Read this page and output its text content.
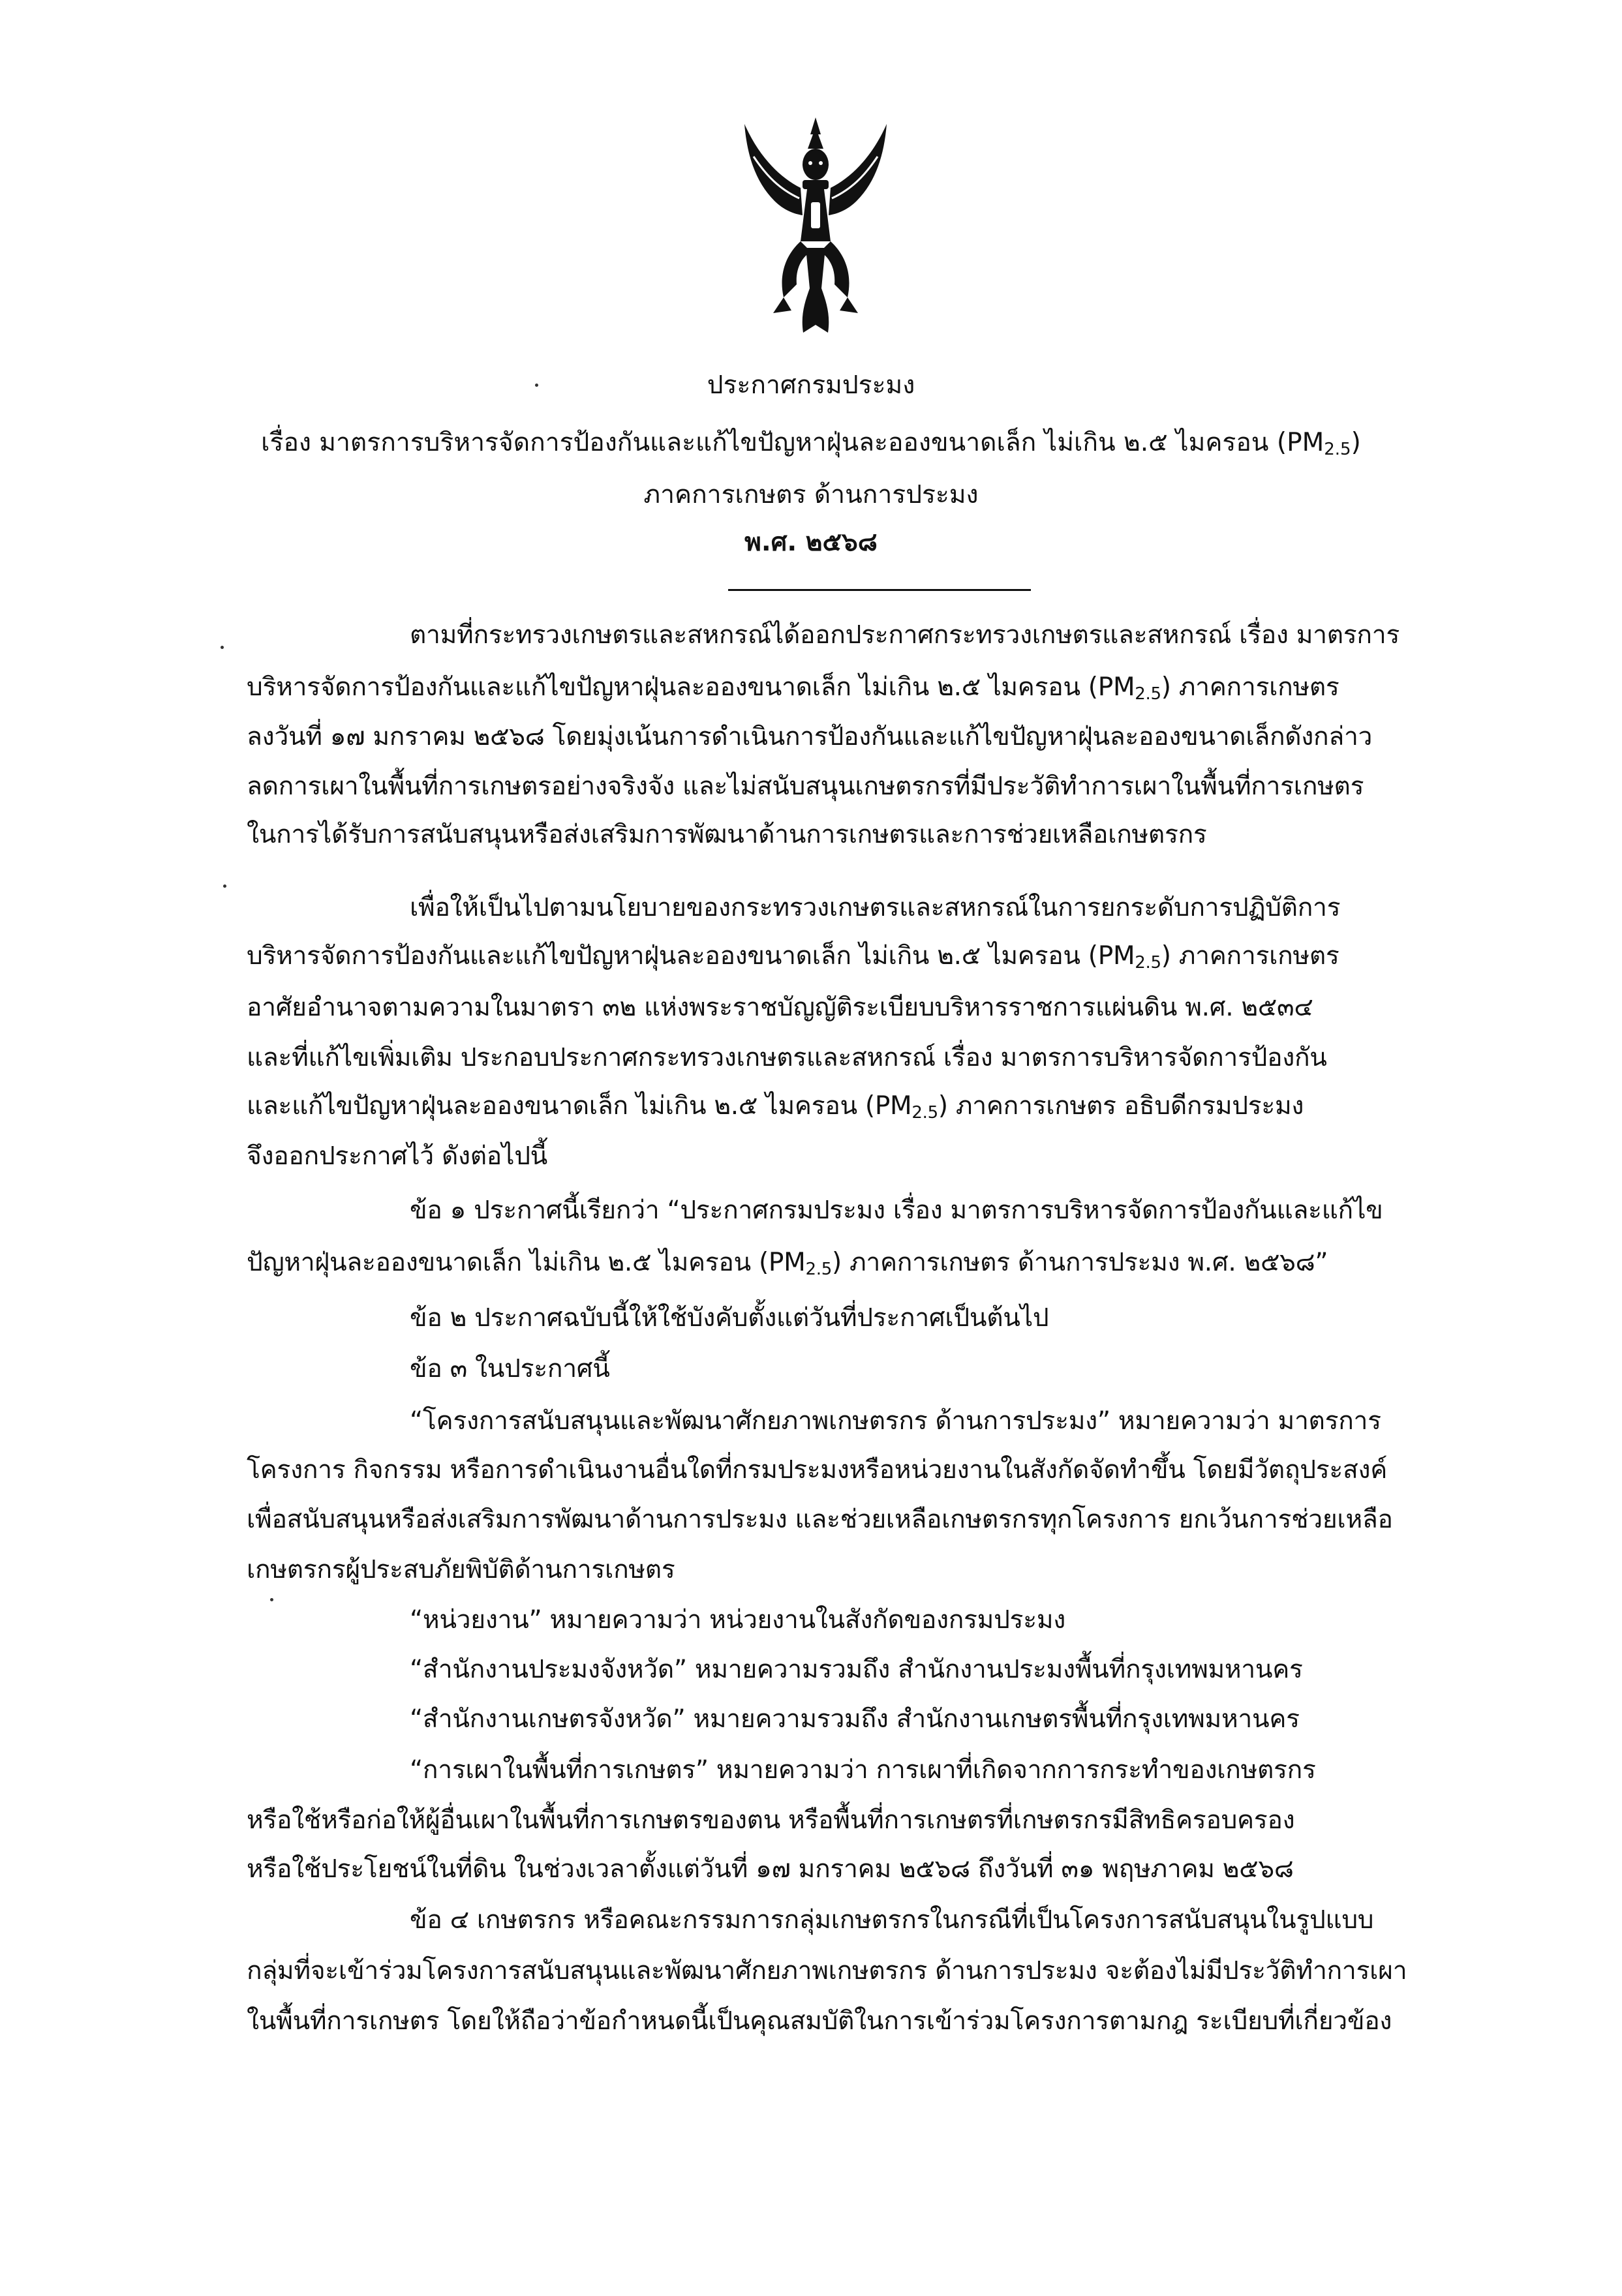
ประกาศกรมประมง
เรื่อง มาตรการบริหารจัดการป้องกันและแก้ไขปัญหาฝุ่นละอองขนาดเล็ก ไม่เกิน ๒.๕ ไมครอน $(PM_{2.5})$
ภาคการเกษตร ด้านการประมง
พ.ศ. ๒๕๖๘
ตามที่กระทรวงเกษตรและสหกรณ์ได้ออกประกาศกระทรวงเกษตรและสหกรณ์ เรื่อง มาตรการ
บริหารจัดการป้องกันและแก้ไขปัญหาฝุ่นละอองขนาดเล็ก ไม่เกิน ๒.๕ ไมครอน $(PM_{2.5})$ ภาคการเกษตร
ลงวันที่ ๑๗ มกราคม ๒๕๖๘ โดยมุ่งเน้นการดำเนินการป้องกันและแก้ไขปัญหาฝุ่นละอองขนาดเล็กดังกล่าว
ลดการเผาในพื้นที่การเกษตรอย่างจริงจัง และไม่สนับสนุนเกษตรกรที่มีประวัติทำการเผาในพื้นที่การเกษตร
ในการได้รับการสนับสนุนหรือส่งเสริมการพัฒนาด้านการเกษตรและการช่วยเหลือเกษตรกร
เพื่อให้เป็นไปตามนโยบายของกระทรวงเกษตรและสหกรณ์ในการยกระดับการปฏิบัติการ
บริหารจัดการป้องกันและแก้ไขปัญหาฝุ่นละอองขนาดเล็ก ไม่เกิน ๒.๕ ไมครอน $(PM_{2.5})$ ภาคการเกษตร
อาศัยอำนาจตามความในมาตรา ๓๒ แห่งพระราชบัญญัติระเบียบบริหารราชการแผ่นดิน พ.ศ. ๒๕๓๔
และที่แก้ไขเพิ่มเติม ประกอบประกาศกระทรวงเกษตรและสหกรณ์ เรื่อง มาตรการบริหารจัดการป้องกัน
และแก้ไขปัญหาฝุ่นละอองขนาดเล็ก ไม่เกิน ๒.๕ ไมครอน $(PM_{2.5})$ ภาคการเกษตร อธิบดีกรมประมง
จึงออกประกาศไว้ ดังต่อไปนี้
ข้อ ๑ ประกาศนี้เรียกว่า “ประกาศกรมประมง เรื่อง มาตรการบริหารจัดการป้องกันและแก้ไข
ปัญหาฝุ่นละอองขนาดเล็ก ไม่เกิน ๒.๕ ไมครอน $(PM_{2.5})$ ภาคการเกษตร ด้านการประมง พ.ศ. ๒๕๖๘”
ข้อ ๒ ประกาศฉบับนี้ให้ใช้บังคับตั้งแต่วันที่ประกาศเป็นต้นไป
ข้อ ๓ ในประกาศนี้
“โครงการสนับสนุนและพัฒนาศักยภาพเกษตรกร ด้านการประมง” หมายความว่า มาตรการ
โครงการ กิจกรรม หรือการดำเนินงานอื่นใดที่กรมประมงหรือหน่วยงานในสังกัดจัดทำขึ้น โดยมีวัตถุประสงค์
เพื่อสนับสนุนหรือส่งเสริมการพัฒนาด้านการประมง และช่วยเหลือเกษตรกรทุกโครงการ ยกเว้นการช่วยเหลือ
เกษตรกรผู้ประสบภัยพิบัติด้านการเกษตร
“หน่วยงาน” หมายความว่า หน่วยงานในสังกัดของกรมประมง
“สำนักงานประมงจังหวัด” หมายความรวมถึง สำนักงานประมงพื้นที่กรุงเทพมหานคร
“สำนักงานเกษตรจังหวัด” หมายความรวมถึง สำนักงานเกษตรพื้นที่กรุงเทพมหานคร
“การเผาในพื้นที่การเกษตร” หมายความว่า การเผาที่เกิดจากการกระทำของเกษตรกร
หรือใช้หรือก่อให้ผู้อื่นเผาในพื้นที่การเกษตรของตน หรือพื้นที่การเกษตรที่เกษตรกรมีสิทธิครอบครอง
หรือใช้ประโยชน์ในที่ดิน ในช่วงเวลาตั้งแต่วันที่ ๑๗ มกราคม ๒๕๖๘ ถึงวันที่ ๓๑ พฤษภาคม ๒๕๖๘
ข้อ ๔ เกษตรกร หรือคณะกรรมการกลุ่มเกษตรกรในกรณีที่เป็นโครงการสนับสนุนในรูปแบบ
กลุ่มที่จะเข้าร่วมโครงการสนับสนุนและพัฒนาศักยภาพเกษตรกร ด้านการประมง จะต้องไม่มีประวัติทำการเผา
ในพื้นที่การเกษตร โดยให้ถือว่าข้อกำหนดนี้เป็นคุณสมบัติในการเข้าร่วมโครงการตามกฎ ระเบียบที่เกี่ยวข้อง
